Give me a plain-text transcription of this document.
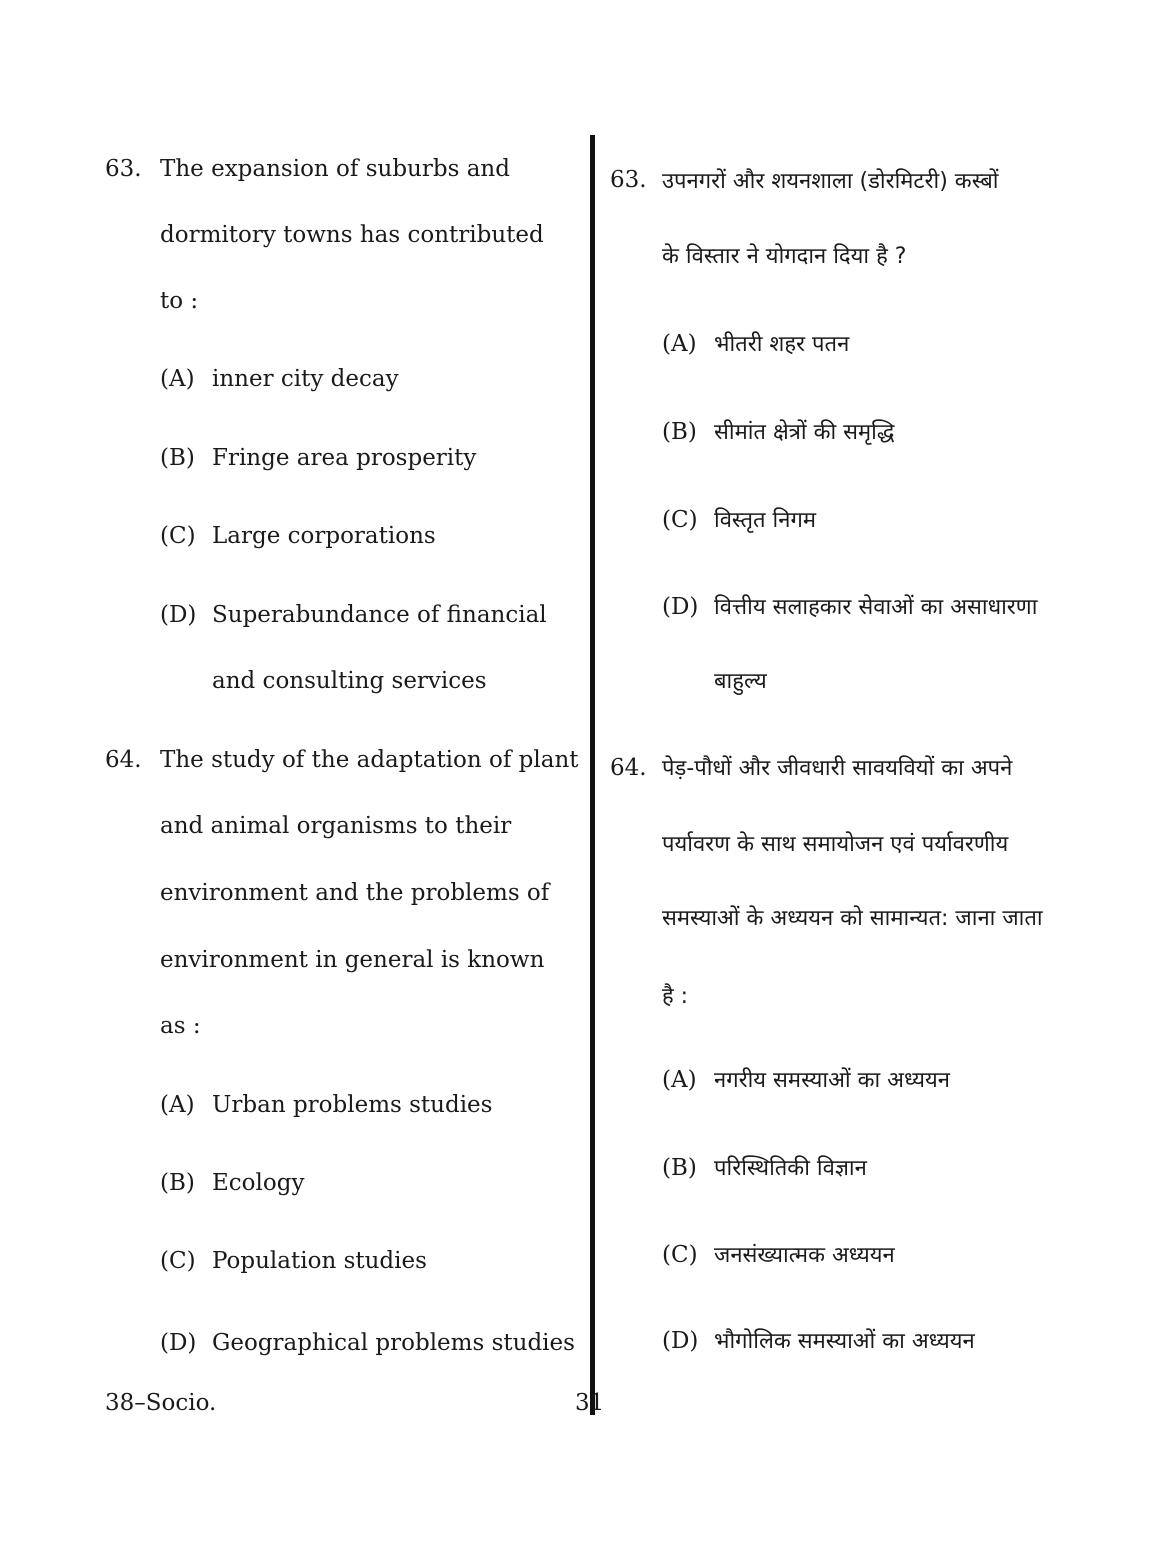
63. The expansion of suburbs and
dormitory towns has contributed
to :
(A) inner city decay
(B) Fringe area prosperity
(C) Large corporations
(D) Superabundance of financial
and consulting services
64. The study of the adaptation of plant
and animal organisms to their
environment and the problems of
environment in general is known
as :
(A) Urban problems studies
(B) Ecology
(C) Population studies
(D) Geographical problems studies
63. उपनगरों और शयनशाला (डोरमिटरी) कस्बों
के विस्तार ने योगदान दिया है ?
(A) भीतरी शहर पतन
(B) सीमांत क्षेत्रों की समृद्धि
(C) विस्तृत निगम
(D) वित्तीय सलाहकार सेवाओं का असाधारणा
बाहुल्य
64. पेड़-पौधों और जीवधारी सावयवियों का अपने
पर्यावरण के साथ समायोजन एवं पर्यावरणीय
समस्याओं के अध्ययन को सामान्यत: जाना जाता
है :
(A) नगरीय समस्याओं का अध्ययन
(B) परिस्थितिकी विज्ञान
(C) जनसंख्यात्मक अध्ययन
(D) भौगोलिक समस्याओं का अध्ययन
38–Socio.	31
